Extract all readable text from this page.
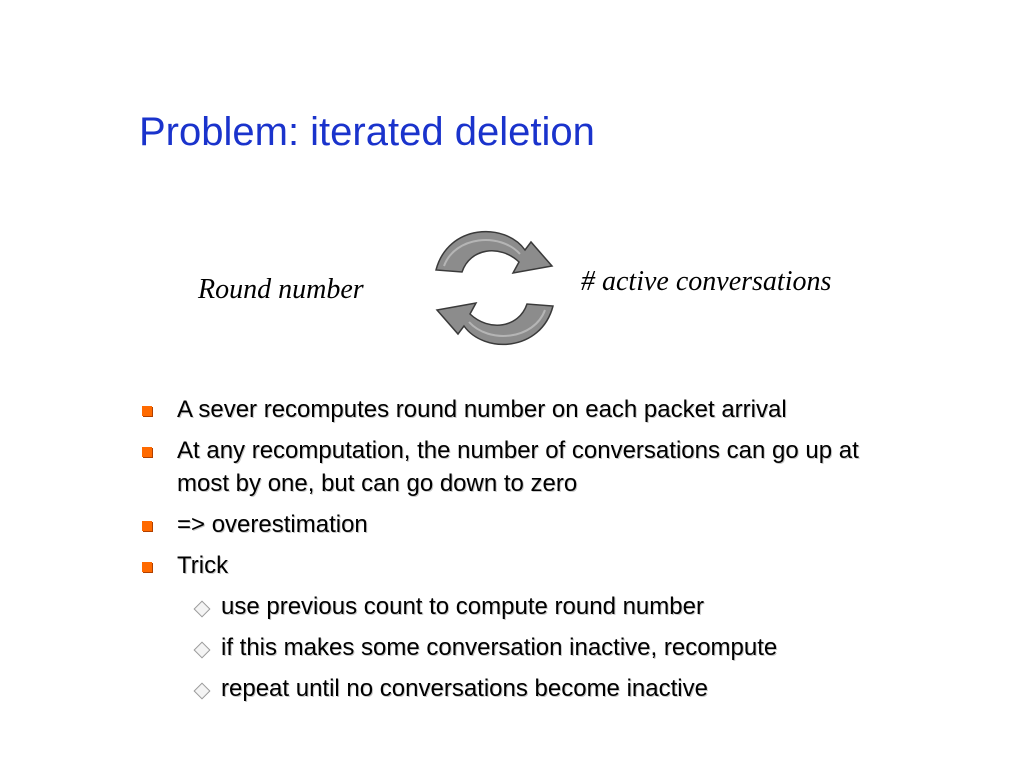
Problem: iterated deletion
Round number	# active conversations
A sever recomputes round number on each packet arrival
At any recomputation, the number of conversations can go up at
most by one, but can go down to zero
=> overestimation
Trick
use previous count to compute round number
if this makes some conversation inactive, recompute
repeat until no conversations become inactive
